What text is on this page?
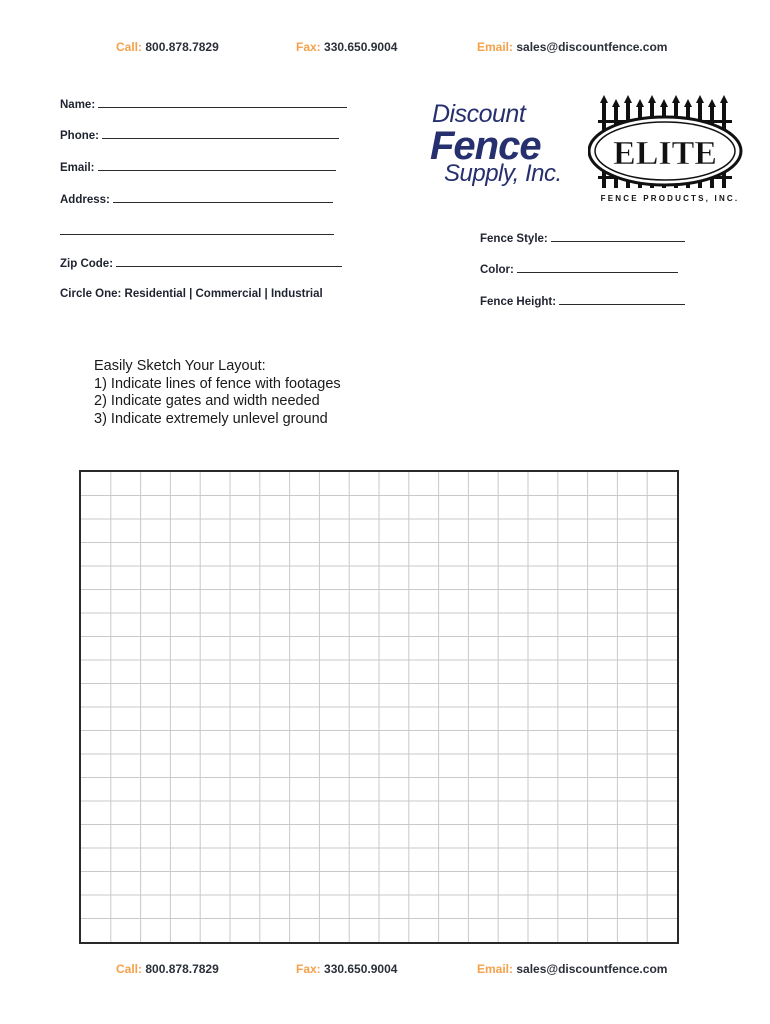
Call: 800.878.7829	Fax: 330.650.9004	Email: sales@discountfence.com
Name:
Phone:
Email:
Address:
Zip Code:
Circle One: Residential | Commercial | Industrial
Discount
Fence
Supply, Inc.
ELITE
FENCE PRODUCTS, INC.
Fence Style:
Color:
Fence Height:
Easily Sketch Your Layout:
1) Indicate lines of fence with footages
2) Indicate gates and width needed
3) Indicate extremely unlevel ground
Call: 800.878.7829	Fax: 330.650.9004	Email: sales@discountfence.com
